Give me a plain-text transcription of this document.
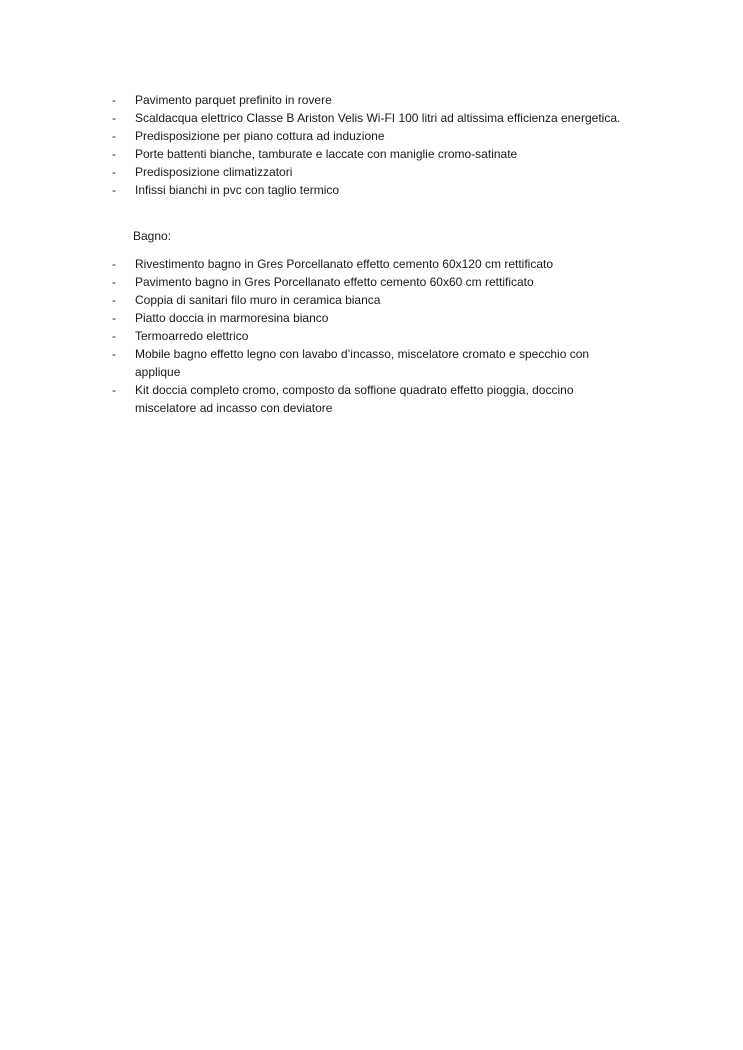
-	Pavimento parquet prefinito in rovere
-	Scaldacqua elettrico Classe B Ariston Velis Wi-FI 100 litri ad altissima efficienza energetica.
-	Predisposizione per piano cottura ad induzione
-	Porte battenti bianche, tamburate e laccate con maniglie cromo-satinate
-	Predisposizione climatizzatori
-	Infissi bianchi in pvc con taglio termico

Bagno:

-	Rivestimento bagno in Gres Porcellanato effetto cemento 60x120 cm rettificato
-	Pavimento bagno in Gres Porcellanato effetto cemento 60x60 cm rettificato
-	Coppia di sanitari filo muro in ceramica bianca
-	Piatto doccia in marmoresina bianco
-	Termoarredo elettrico
-	Mobile bagno effetto legno con lavabo d’incasso, miscelatore cromato e specchio con applique
-	Kit doccia completo cromo, composto da soffione quadrato effetto pioggia, doccino miscelatore ad incasso con deviatore
